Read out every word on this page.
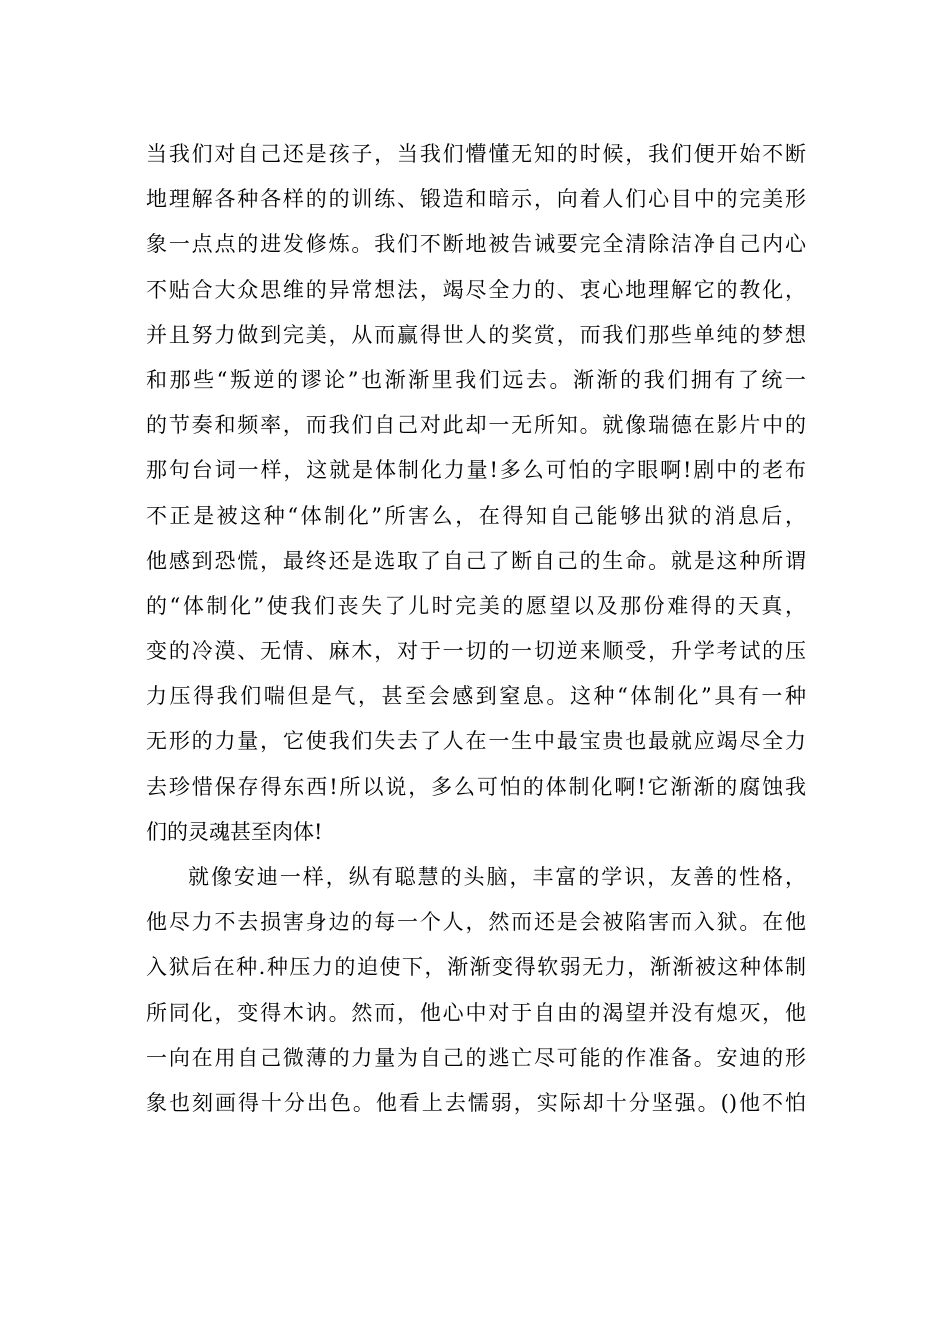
当我们对自己还是孩子，当我们懵懂无知的时候，我们便开始不断
地理解各种各样的的训练、锻造和暗示，向着人们心目中的完美形
象一点点的进发修炼。我们不断地被告诫要完全清除洁净自己内心
不贴合大众思维的异常想法，竭尽全力的、衷心地理解它的教化，
并且努力做到完美，从而赢得世人的奖赏，而我们那些单纯的梦想
和那些“叛逆的谬论”也渐渐里我们远去。渐渐的我们拥有了统一
的节奏和频率，而我们自己对此却一无所知。就像瑞德在影片中的
那句台词一样，这就是体制化力量!多么可怕的字眼啊!剧中的老布
不正是被这种“体制化”所害么，在得知自己能够出狱的消息后，
他感到恐慌，最终还是选取了自己了断自己的生命。就是这种所谓
的“体制化”使我们丧失了儿时完美的愿望以及那份难得的天真，
变的冷漠、无情、麻木，对于一切的一切逆来顺受，升学考试的压
力压得我们喘但是气，甚至会感到窒息。这种“体制化”具有一种
无形的力量，它使我们失去了人在一生中最宝贵也最就应竭尽全力
去珍惜保存得东西!所以说，多么可怕的体制化啊!它渐渐的腐蚀我
们的灵魂甚至肉体!
就像安迪一样，纵有聪慧的头脑，丰富的学识，友善的性格，
他尽力不去损害身边的每一个人，然而还是会被陷害而入狱。在他
入狱后在种.种压力的迫使下，渐渐变得软弱无力，渐渐被这种体制
所同化，变得木讷。然而，他心中对于自由的渴望并没有熄灭，他
一向在用自己微薄的力量为自己的逃亡尽可能的作准备。安迪的形
象也刻画得十分出色。他看上去懦弱，实际却十分坚强。()他不怕
